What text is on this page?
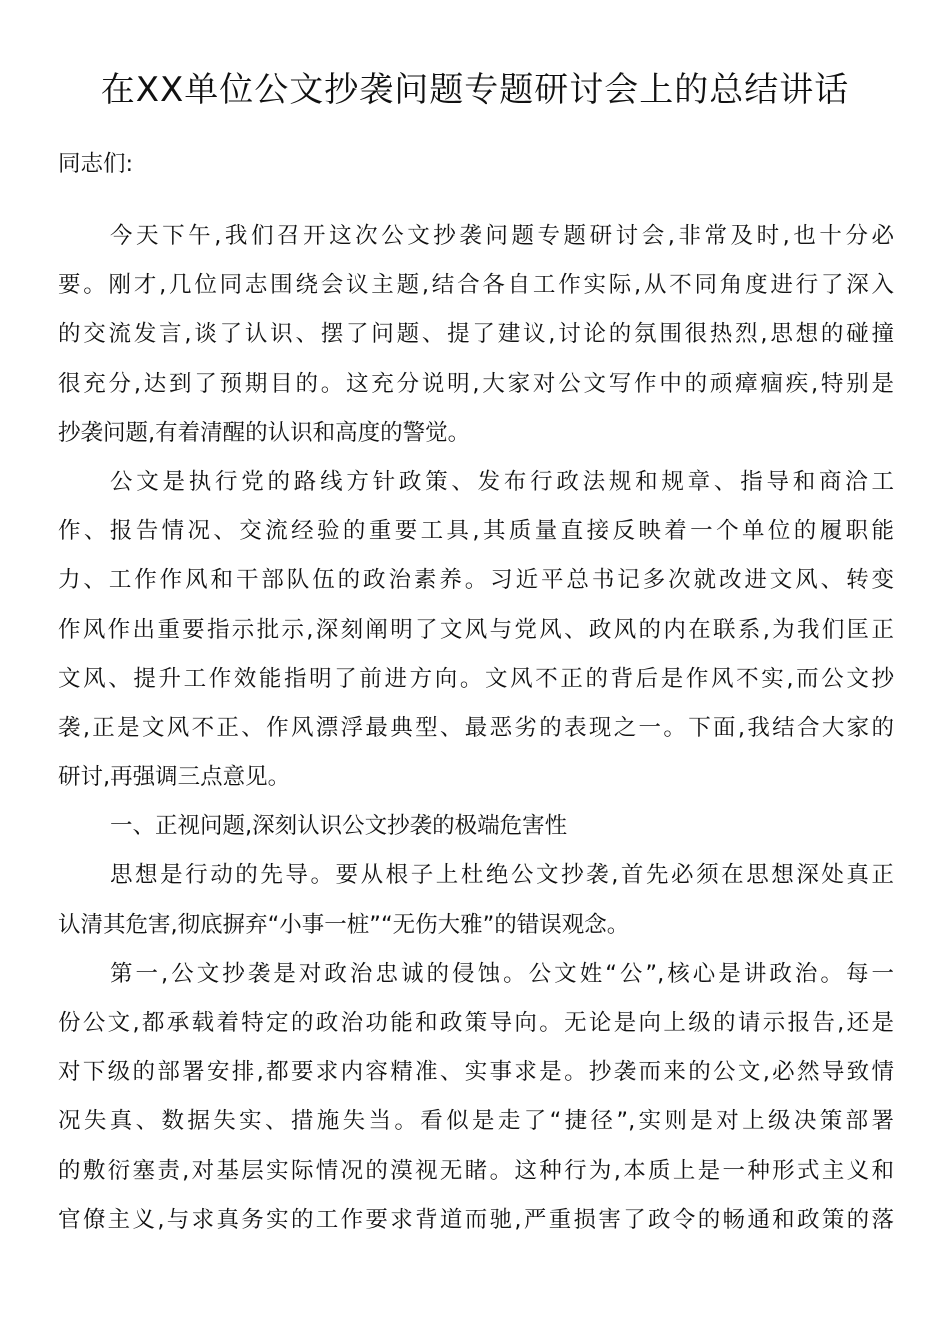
在XX单位公文抄袭问题专题研讨会上的总结讲话
同志们:
今天下午,我们召开这次公文抄袭问题专题研讨会,非常及时,也十分必
要。刚才,几位同志围绕会议主题,结合各自工作实际,从不同角度进行了深入
的交流发言,谈了认识、摆了问题、提了建议,讨论的氛围很热烈,思想的碰撞
很充分,达到了预期目的。这充分说明,大家对公文写作中的顽瘴痼疾,特别是
抄袭问题,有着清醒的认识和高度的警觉。
公文是执行党的路线方针政策、发布行政法规和规章、指导和商洽工
作、报告情况、交流经验的重要工具,其质量直接反映着一个单位的履职能
力、工作作风和干部队伍的政治素养。习近平总书记多次就改进文风、转变
作风作出重要指示批示,深刻阐明了文风与党风、政风的内在联系,为我们匡正
文风、提升工作效能指明了前进方向。文风不正的背后是作风不实,而公文抄
袭,正是文风不正、作风漂浮最典型、最恶劣的表现之一。下面,我结合大家的
研讨,再强调三点意见。
一、正视问题,深刻认识公文抄袭的极端危害性
思想是行动的先导。要从根子上杜绝公文抄袭,首先必须在思想深处真正
认清其危害,彻底摒弃“小事一桩”“无伤大雅”的错误观念。
第一,公文抄袭是对政治忠诚的侵蚀。公文姓“公”,核心是讲政治。每一
份公文,都承载着特定的政治功能和政策导向。无论是向上级的请示报告,还是
对下级的部署安排,都要求内容精准、实事求是。抄袭而来的公文,必然导致情
况失真、数据失实、措施失当。看似是走了“捷径”,实则是对上级决策部署
的敷衍塞责,对基层实际情况的漠视无睹。这种行为,本质上是一种形式主义和
官僚主义,与求真务实的工作要求背道而驰,严重损害了政令的畅通和政策的落
